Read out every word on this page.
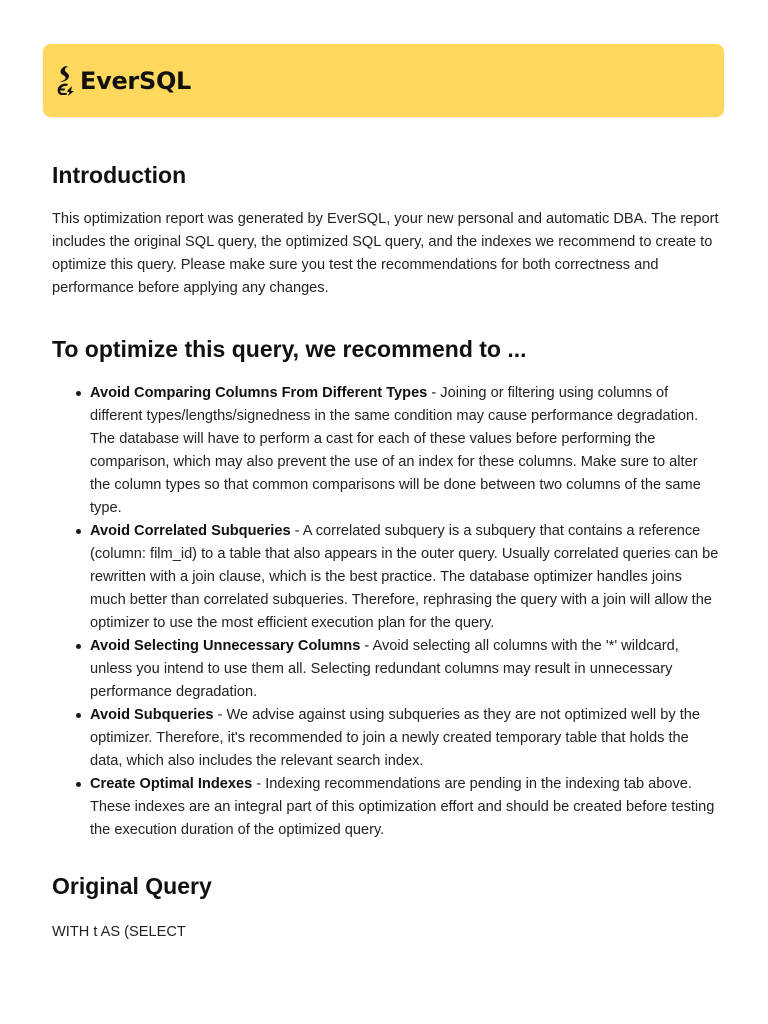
EverSQL
Introduction

This optimization report was generated by EverSQL, your new personal and automatic DBA. The report includes the original SQL query, the optimized SQL query, and the indexes we recommend to create to optimize this query. Please make sure you test the recommendations for both correctness and performance before applying any changes.

To optimize this query, we recommend to ...
Avoid Comparing Columns From Different Types - Joining or filtering using columns of different types/lengths/signedness in the same condition may cause performance degradation. The database will have to perform a cast for each of these values before performing the comparison, which may also prevent the use of an index for these columns. Make sure to alter the column types so that common comparisons will be done between two columns of the same type.
Avoid Correlated Subqueries - A correlated subquery is a subquery that contains a reference (column: film_id) to a table that also appears in the outer query. Usually correlated queries can be rewritten with a join clause, which is the best practice. The database optimizer handles joins much better than correlated subqueries. Therefore, rephrasing the query with a join will allow the optimizer to use the most efficient execution plan for the query.
Avoid Selecting Unnecessary Columns - Avoid selecting all columns with the '*' wildcard, unless you intend to use them all. Selecting redundant columns may result in unnecessary performance degradation.
Avoid Subqueries - We advise against using subqueries as they are not optimized well by the optimizer. Therefore, it's recommended to join a newly created temporary table that holds the data, which also includes the relevant search index.
Create Optimal Indexes - Indexing recommendations are pending in the indexing tab above. These indexes are an integral part of this optimization effort and should be created before testing the execution duration of the optimized query.
Original Query

WITH t AS (SELECT
